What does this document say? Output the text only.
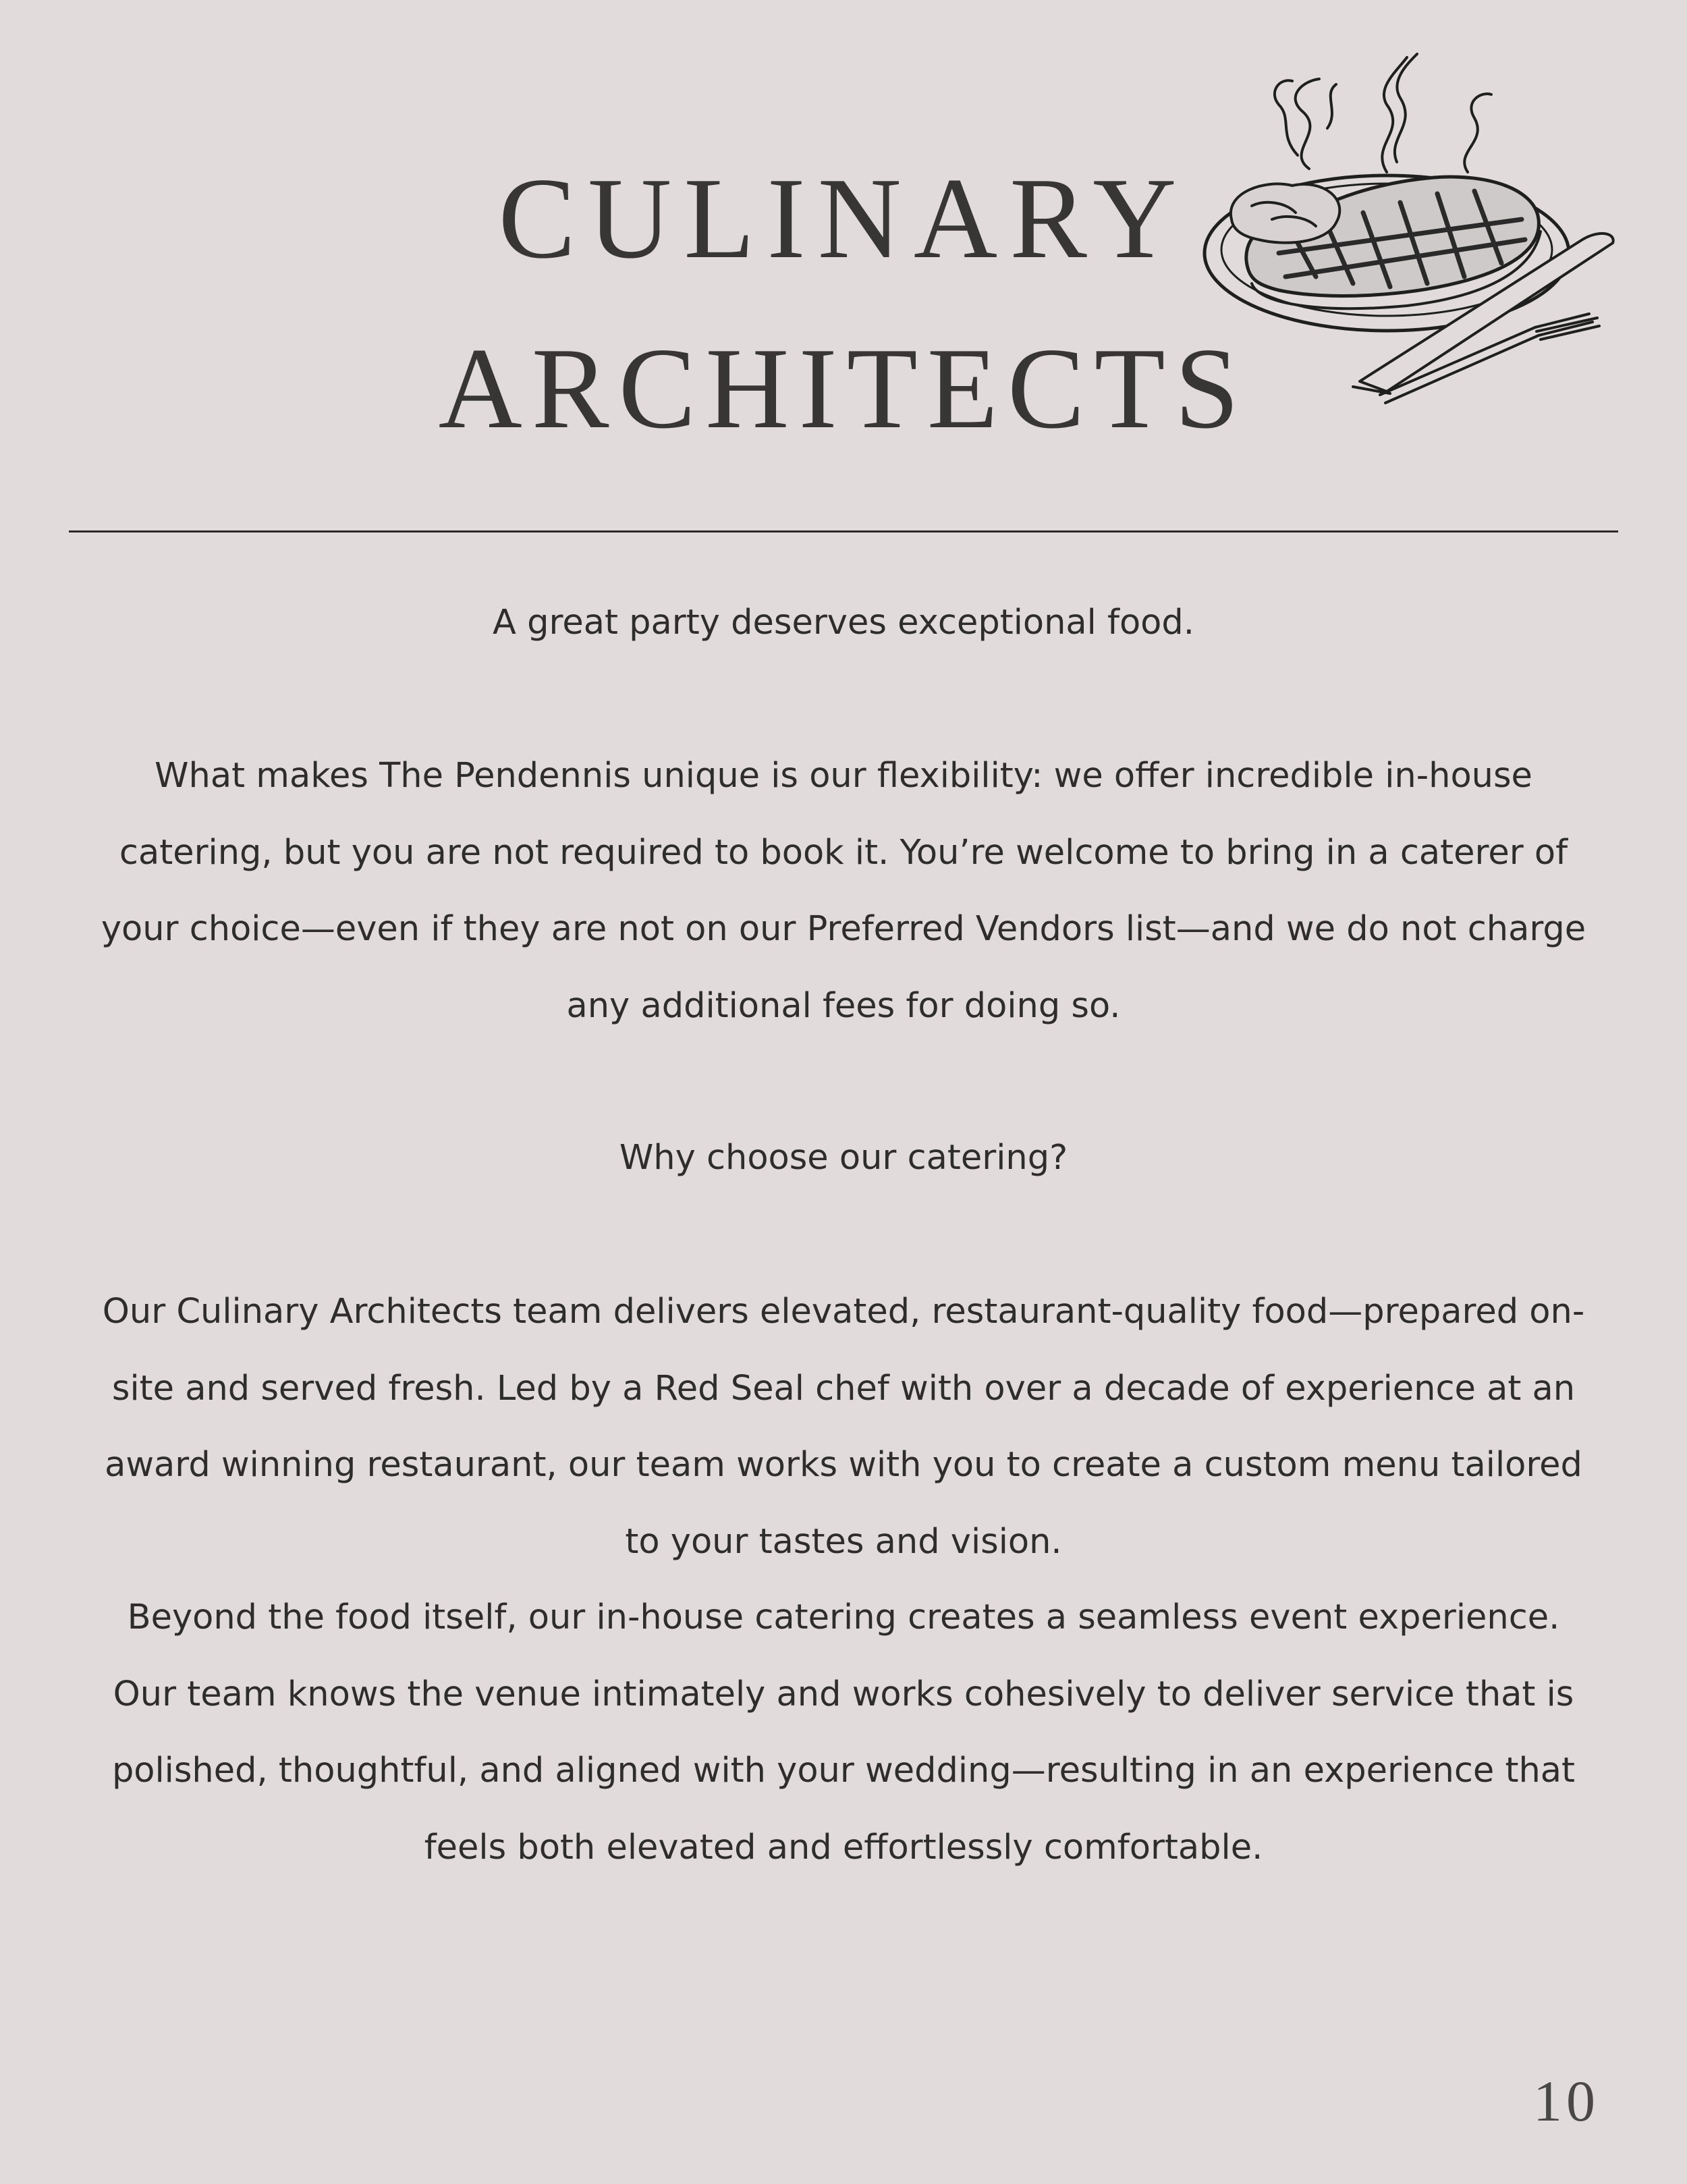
CULINARY
ARCHITECTS

A great party deserves exceptional food.

What makes The Pendennis unique is our flexibility: we offer incredible in-house catering, but you are not required to book it. You’re welcome to bring in a caterer of your choice—even if they are not on our Preferred Vendors list—and we do not charge any additional fees for doing so.

Why choose our catering?

Our Culinary Architects team delivers elevated, restaurant-quality food—prepared on-site and served fresh. Led by a Red Seal chef with over a decade of experience at an award winning restaurant, our team works with you to create a custom menu tailored to your tastes and vision.

Beyond the food itself, our in-house catering creates a seamless event experience. Our team knows the venue intimately and works cohesively to deliver service that is polished, thoughtful, and aligned with your wedding—resulting in an experience that feels both elevated and effortlessly comfortable.

10
